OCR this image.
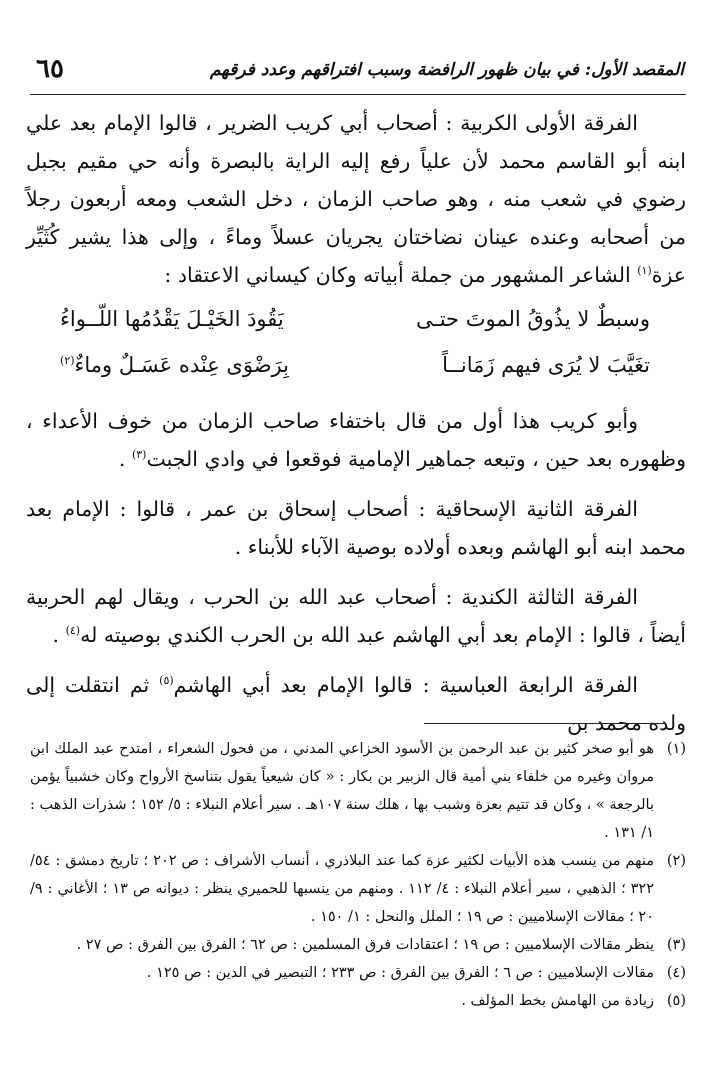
٦٥	المقصد الأول: في بيان ظهور الرافضة وسبب افتراقهم وعدد فرقهم

الفرقة الأولى الكربية : أصحاب أبي كريب الضرير ، قالوا الإمام بعد علي ابنه أبو القاسم محمد لأن علياً رفع إليه الراية بالبصرة وأنه حي مقيم بجبل رضوي في شعب منه ، وهو صاحب الزمان ، دخل الشعب ومعه أربعون رجلاً من أصحابه وعنده عينان نضاختان يجريان عسلاً وماءً ، وإلى هذا يشير كُثَيِّر عزة$^{(١)}$ الشاعر المشهور من جملة أبياته وكان كيساني الاعتقاد :

وأبو كريب هذا أول من قال باختفاء صاحب الزمان من خوف الأعداء ، وظهوره بعد حين ، وتبعه جماهير الإمامية فوقعوا في وادي الجبت$^{(٣)}$ .

الفرقة الثانية الإسحاقية : أصحاب إسحاق بن عمر ، قالوا : الإمام بعد محمد ابنه أبو الهاشم وبعده أولاده بوصية الآباء للأبناء .

الفرقة الثالثة الكندية : أصحاب عبد الله بن الحرب ، ويقال لهم الحربية أيضاً ، قالوا : الإمام بعد أبي الهاشم عبد الله بن الحرب الكندي بوصيته له$^{(٤)}$ .

الفرقة الرابعة العباسية : قالوا الإمام بعد أبي الهاشم$^{(٥)}$ ثم انتقلت إلى ولده محمد بن

وسبطٌ لا يذُوقُ الموتَ حتـى
يَقُودَ الخَيْـلَ يَقْدُمُها اللّــواءُ
تغَيَّبَ لا يُرَى فيهم زَمَانــاً
بِرَضْوَى عِنْده عَسَـلٌ وماءٌ$^{(٢)}$
(١)
هو أبو صخر كثير بن عبد الرحمن بن الأسود الخزاعي المدني ، من فحول الشعراء ، امتدح عبد الملك ابن مروان وغيره من خلفاء بني أمية قال الزبير بن بكار : « كان شيعياً يقول بتناسخ الأرواح وكان خشبياً يؤمن بالرجعة » ، وكان قد تتيم بعزة وشبب بها ، هلك سنة ١٠٧هـ . سير أعلام النبلاء : ٥/ ١٥٢ ؛ شذرات الذهب : ١/ ١٣١ .
(٢)
منهم من ينسب هذه الأبيات لكثير عزة كما عند البلاذري ، أنساب الأشراف : ص ٢٠٢ ؛ تاريخ دمشق : ٥٤/ ٣٢٢ ؛ الذهبي ، سير أعلام النبلاء : ٤/ ١١٢ . ومنهم من ينسبها للحميري ينظر : ديوانه ص ١٣ ؛ الأغاني : ٩/ ٢٠ ؛ مقالات الإسلاميين : ص ١٩ ؛ الملل والنحل : ١/ ١٥٠ .
(٣)
ينظر مقالات الإسلاميين : ص ١٩ ؛ اعتقادات فرق المسلمين : ص ٦٢ ؛ الفرق بين الفرق : ص ٢٧ .
(٤)
مقالات الإسلاميين : ص ٦ ؛ الفرق بين الفرق : ص ٢٣٣ ؛ التبصير في الدين : ص ١٢٥ .
(٥)
زيادة من الهامش بخط المؤلف .
